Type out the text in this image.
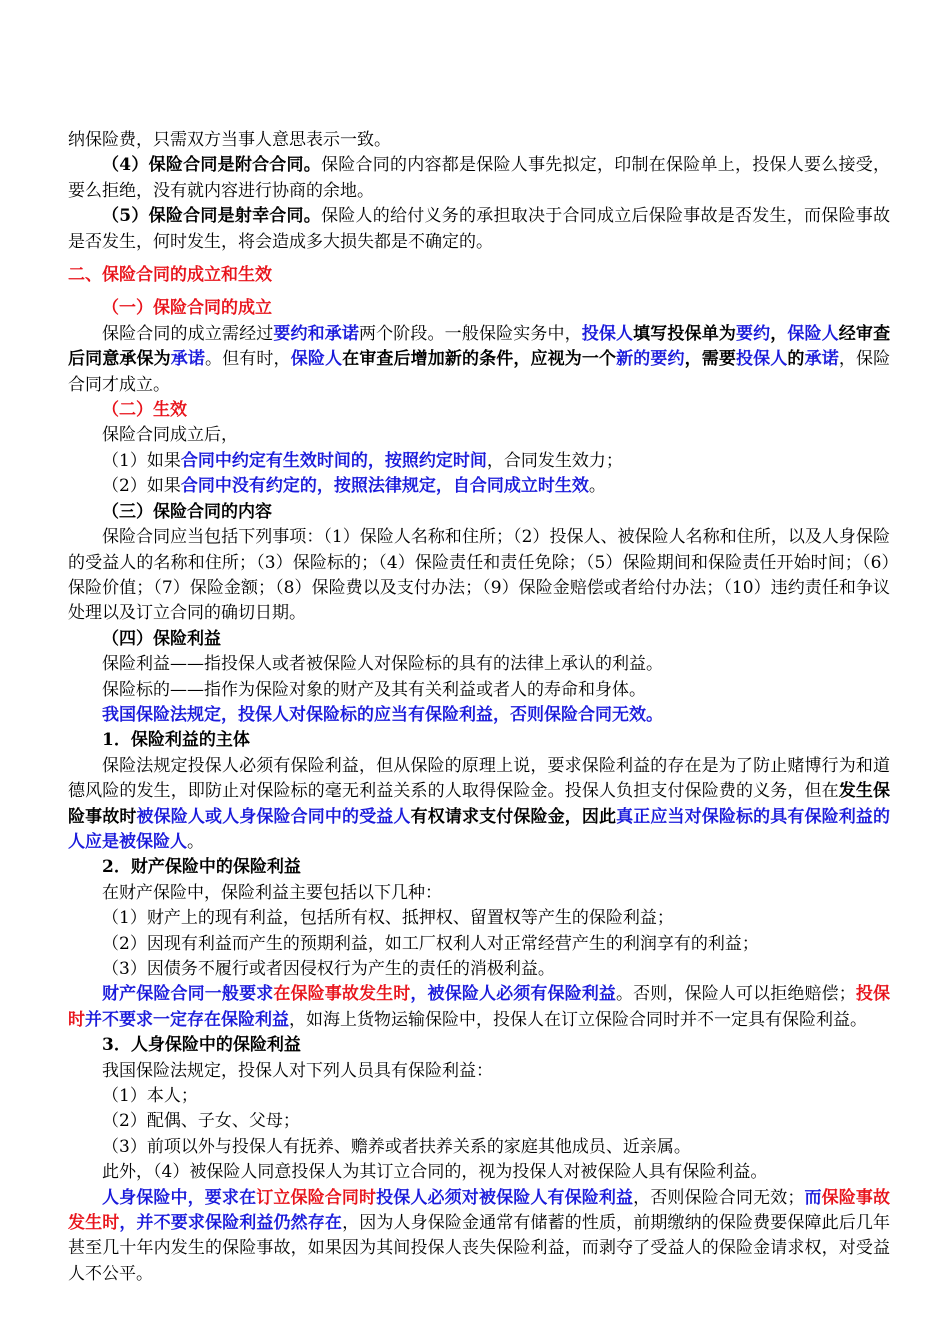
纳保险费，只需双方当事人意思表示一致。

（4）保险合同是附合合同。保险合同的内容都是保险人事先拟定，印制在保险单上，投保人要么接受，要么拒绝，没有就内容进行协商的余地。

（5）保险合同是射幸合同。保险人的给付义务的承担取决于合同成立后保险事故是否发生，而保险事故是否发生，何时发生，将会造成多大损失都是不确定的。

二、保险合同的成立和生效

（一）保险合同的成立

保险合同的成立需经过要约和承诺两个阶段。一般保险实务中，投保人填写投保单为要约，保险人经审查后同意承保为承诺。但有时，保险人在审查后增加新的条件，应视为一个新的要约，需要投保人的承诺，保险合同才成立。

（二）生效

保险合同成立后，

（1）如果合同中约定有生效时间的，按照约定时间，合同发生效力；

（2）如果合同中没有约定的，按照法律规定，自合同成立时生效。

（三）保险合同的内容

保险合同应当包括下列事项：（1）保险人名称和住所；（2）投保人、被保险人名称和住所，以及人身保险的受益人的名称和住所；（3）保险标的；（4）保险责任和责任免除；（5）保险期间和保险责任开始时间；（6）保险价值；（7）保险金额；（8）保险费以及支付办法；（9）保险金赔偿或者给付办法；（10）违约责任和争议处理以及订立合同的确切日期。

（四）保险利益

保险利益——指投保人或者被保险人对保险标的具有的法律上承认的利益。

保险标的——指作为保险对象的财产及其有关利益或者人的寿命和身体。

我国保险法规定，投保人对保险标的应当有保险利益，否则保险合同无效。

1．保险利益的主体

保险法规定投保人必须有保险利益，但从保险的原理上说，要求保险利益的存在是为了防止赌博行为和道德风险的发生，即防止对保险标的毫无利益关系的人取得保险金。投保人负担支付保险费的义务，但在发生保险事故时被保险人或人身保险合同中的受益人有权请求支付保险金，因此真正应当对保险标的具有保险利益的人应是被保险人。

2．财产保险中的保险利益

在财产保险中，保险利益主要包括以下几种：

（1）财产上的现有利益，包括所有权、抵押权、留置权等产生的保险利益；

（2）因现有利益而产生的预期利益，如工厂权利人对正常经营产生的利润享有的利益；

（3）因债务不履行或者因侵权行为产生的责任的消极利益。

财产保险合同一般要求在保险事故发生时，被保险人必须有保险利益。否则，保险人可以拒绝赔偿；投保时并不要求一定存在保险利益，如海上货物运输保险中，投保人在订立保险合同时并不一定具有保险利益。

3．人身保险中的保险利益

我国保险法规定，投保人对下列人员具有保险利益：

（1）本人；

（2）配偶、子女、父母；

（3）前项以外与投保人有抚养、赡养或者扶养关系的家庭其他成员、近亲属。

此外，（4）被保险人同意投保人为其订立合同的，视为投保人对被保险人具有保险利益。

人身保险中，要求在订立保险合同时投保人必须对被保险人有保险利益，否则保险合同无效；而保险事故发生时，并不要求保险利益仍然存在，因为人身保险金通常有储蓄的性质，前期缴纳的保险费要保障此后几年甚至几十年内发生的保险事故，如果因为其间投保人丧失保险利益，而剥夺了受益人的保险金请求权，对受益人不公平。
